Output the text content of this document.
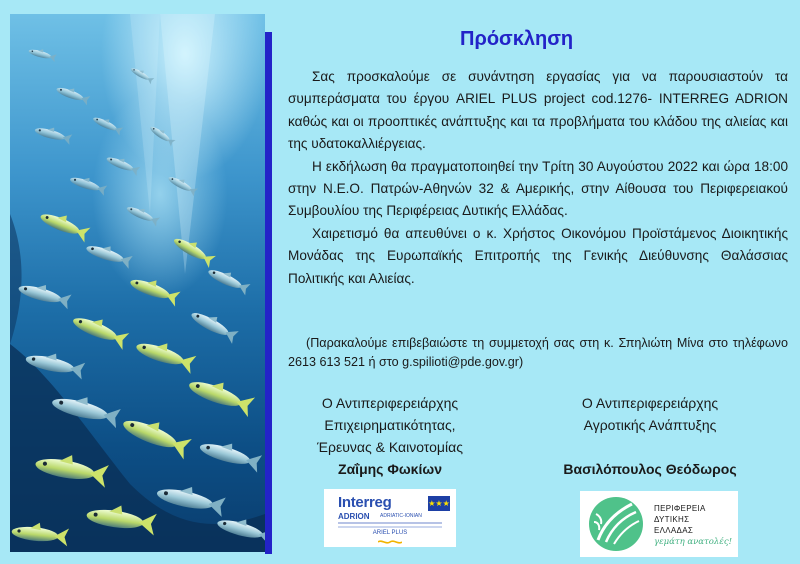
Πρόσκληση

Σας προσκαλούμε σε συνάντηση εργασίας για να παρουσιαστούν τα συμπεράσματα του έργου ARIEL PLUS project cod.1276- INTERREG ADRION καθώς και οι προοπτικές ανάπτυξης και τα προβλήματα του κλάδου της αλιείας και της υδατοκαλλιέργειας.

Η εκδήλωση θα πραγματοποιηθεί την Τρίτη 30 Αυγούστου 2022 και ώρα 18:00 στην Ν.Ε.Ο. Πατρών-Αθηνών 32 & Αμερικής, στην Αίθουσα του Περιφερειακού Συμβουλίου της Περιφέρειας Δυτικής Ελλάδας.

Χαιρετισμό θα απευθύνει ο κ. Χρήστος Οικονόμου Προϊστάμενος Διοικητικής Μονάδας της Ευρωπαϊκής Επιτροπής της Γενικής Διεύθυνσης Θαλάσσιας Πολιτικής και Αλιείας.

(Παρακαλούμε επιβεβαιώστε τη συμμετοχή σας στη κ. Σπηλιώτη Μίνα στο τηλέφωνο 2613 613 521 ή στο g.spilioti@pde.gov.gr)

Ο Αντιπεριφερειάρχης
Επιχειρηματικότητας,
Έρευνας & Καινοτομίας
Ζαΐμης Φωκίων
Ο Αντιπεριφερειάρχης
Αγροτικής Ανάπτυξης
Βασιλόπουλος Θεόδωρος
Interreg	★★★
ADRION ADRIATIC-IONIAN
ARIEL PLUS
ΠΕΡΙΦΕΡΕΙΑ
ΔΥΤΙΚΗΣ
ΕΛΛΑΔΑΣ
γεμάτη ανατολές!
